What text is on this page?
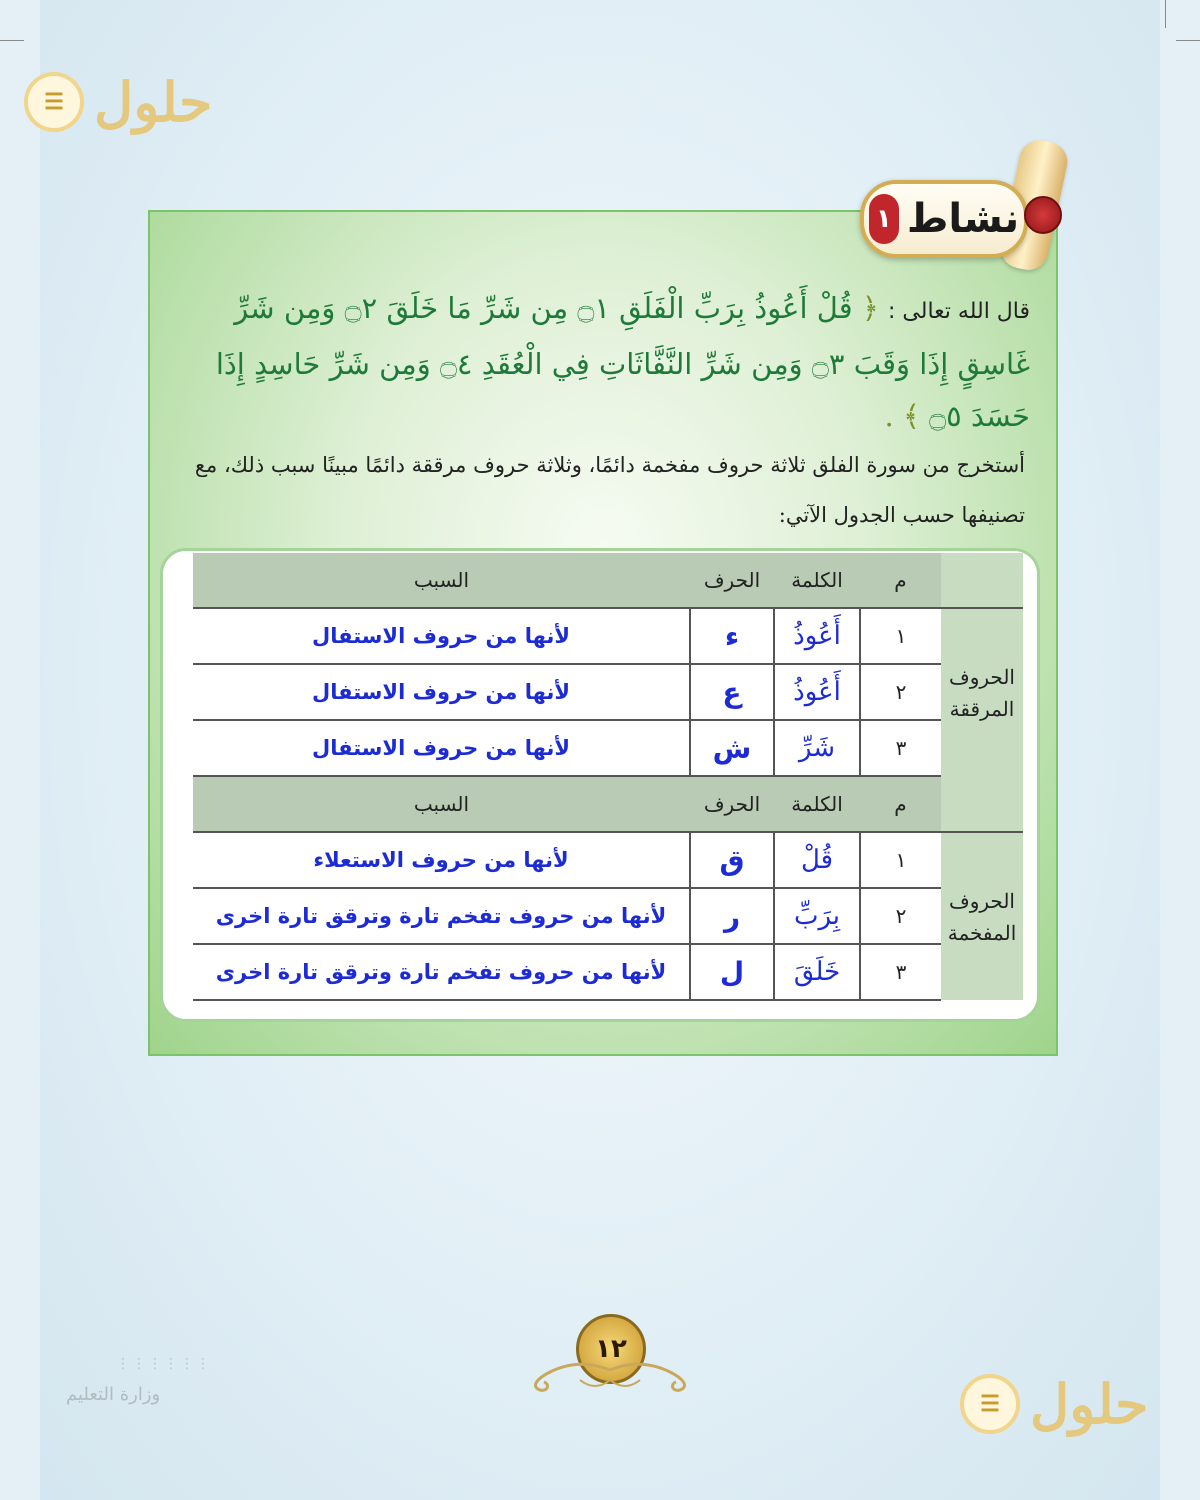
☰ حلول
نشاط
١
قال الله تعالى : ﴿ قُلْ أَعُوذُ بِرَبِّ الْفَلَقِ ۝١ مِن شَرِّ مَا خَلَقَ ۝٢ وَمِن شَرِّ غَاسِقٍ إِذَا وَقَبَ ۝٣ وَمِن شَرِّ النَّفَّاثَاتِ فِي الْعُقَدِ ۝٤ وَمِن شَرِّ حَاسِدٍ إِذَا حَسَدَ ۝٥ ﴾ .
أستخرج من سورة الفلق ثلاثة حروف مفخمة دائمًا، وثلاثة حروف مرققة دائمًا مبينًا سبب ذلك، مع تصنيفها حسب الجدول الآتي:
	م	الكلمة	الحرف	السبب
الحروف المرققة	١	أَعُوذُ	ء	لأنها من حروف الاستفال
	٢	أَعُوذُ	ع	لأنها من حروف الاستفال
	٣	شَرِّ	ش	لأنها من حروف الاستفال
	م	الكلمة	الحرف	السبب
الحروف المفخمة	١	قُلْ	ق	لأنها من حروف الاستعلاء
	٢	بِرَبِّ	ر	لأنها من حروف تفخم تارة وترقق تارة اخرى
	٣	خَلَقَ	ل	لأنها من حروف تفخم تارة وترقق تارة اخرى
١٢
⋮⋮⋮⋮⋮⋮
وزارة التعليم	☰ حلول
